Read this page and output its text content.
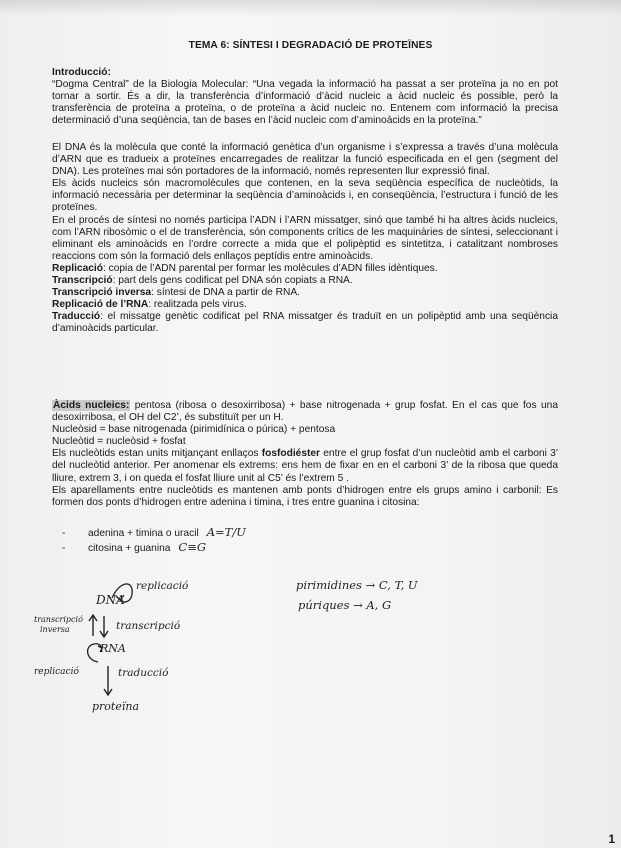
TEMA 6: SÍNTESI I DEGRADACIÓ DE PROTEÏNES

Introducció:

“Dogma Central” de la Biologia Molecular: “Una vegada la informació ha passat a ser proteïna ja no en pot tornar a sortir. És a dir, la transferència d’informació d’àcid nucleic a àcid nucleic és possible, però la transferència de proteïna a proteïna, o de proteïna a àcid nucleic no. Entenem com informació la precisa determinació d’una seqüència, tan de bases en l’àcid nucleic com d’aminoàcids en la proteïna.”

El DNA és la molècula que conté la informació genètica d’un organisme i s’expressa a través d’una molècula d’ARN que es tradueix a proteïnes encarregades de realitzar la funció especificada en el gen (segment del DNA). Les proteïnes mai són portadores de la informació, només representen llur expressió final.

Els àcids nucleics són macromolècules que contenen, en la seva seqüència específica de nucleòtids, la informació necessària per determinar la seqüència d’aminoàcids i, en conseqüència, l’estructura i funció de les proteïnes.

En el procés de síntesi no només participa l’ADN i l’ARN missatger, sinó que també hi ha altres àcids nucleics, com l’ARN ribosòmic o el de transferència, són components crítics de les maquinàries de síntesi, seleccionant i eliminant els aminoàcids en l’ordre correcte a mida que el polipèptid es sintetitza, i catalitzant nombroses reaccions com són la formació dels enllaços peptídis entre aminoàcids.

Replicació: copia de l’ADN parental per formar les molècules d’ADN filles idèntiques.

Transcripció: part dels gens codificat pel DNA són copiats a RNA.

Transcripció inversa: síntesi de DNA a partir de RNA.

Replicació de l’RNA: realitzada pels virus.

Traducció: el missatge genètic codificat pel RNA missatger és traduït en un polipèptid amb una seqüència d’aminoàcids particular.

Àcids nucleics: pentosa (ribosa o desoxirribosa) + base nitrogenada + grup fosfat. En el cas que fos una desoxirribosa, el OH del C2’, és substituït per un H.

Nucleòsid = base nitrogenada (pirimidínica o púrica) + pentosa

Nucleòtid = nucleòsid + fosfat

Els nucleòtids estan units mitjançant enllaços fosfodiéster entre el grup fosfat d’un nucleòtid amb el carboni 3’ del nucleòtid anterior. Per anomenar els extrems: ens hem de fixar en en el carboni 3’ de la ribosa que queda lliure, extrem 3, i on queda el fosfat lliure unit al C5’ és l’extrem 5 .

Els aparellaments entre nucleòtids es mantenen amb ponts d’hidrogen entre els grups amino i carbonil: Es formen dos ponts d’hidrogen entre adenina i timina, i tres entre guanina i citosina:

-	adenina + timina o uracil A=T/U
-	citosina + guanina C≡G
DNA
replicació
transcripció
transcripció
inversa
RNA
replicació	traducció
proteïna
pirimidines → C, T, U
púriques → A, G
1
